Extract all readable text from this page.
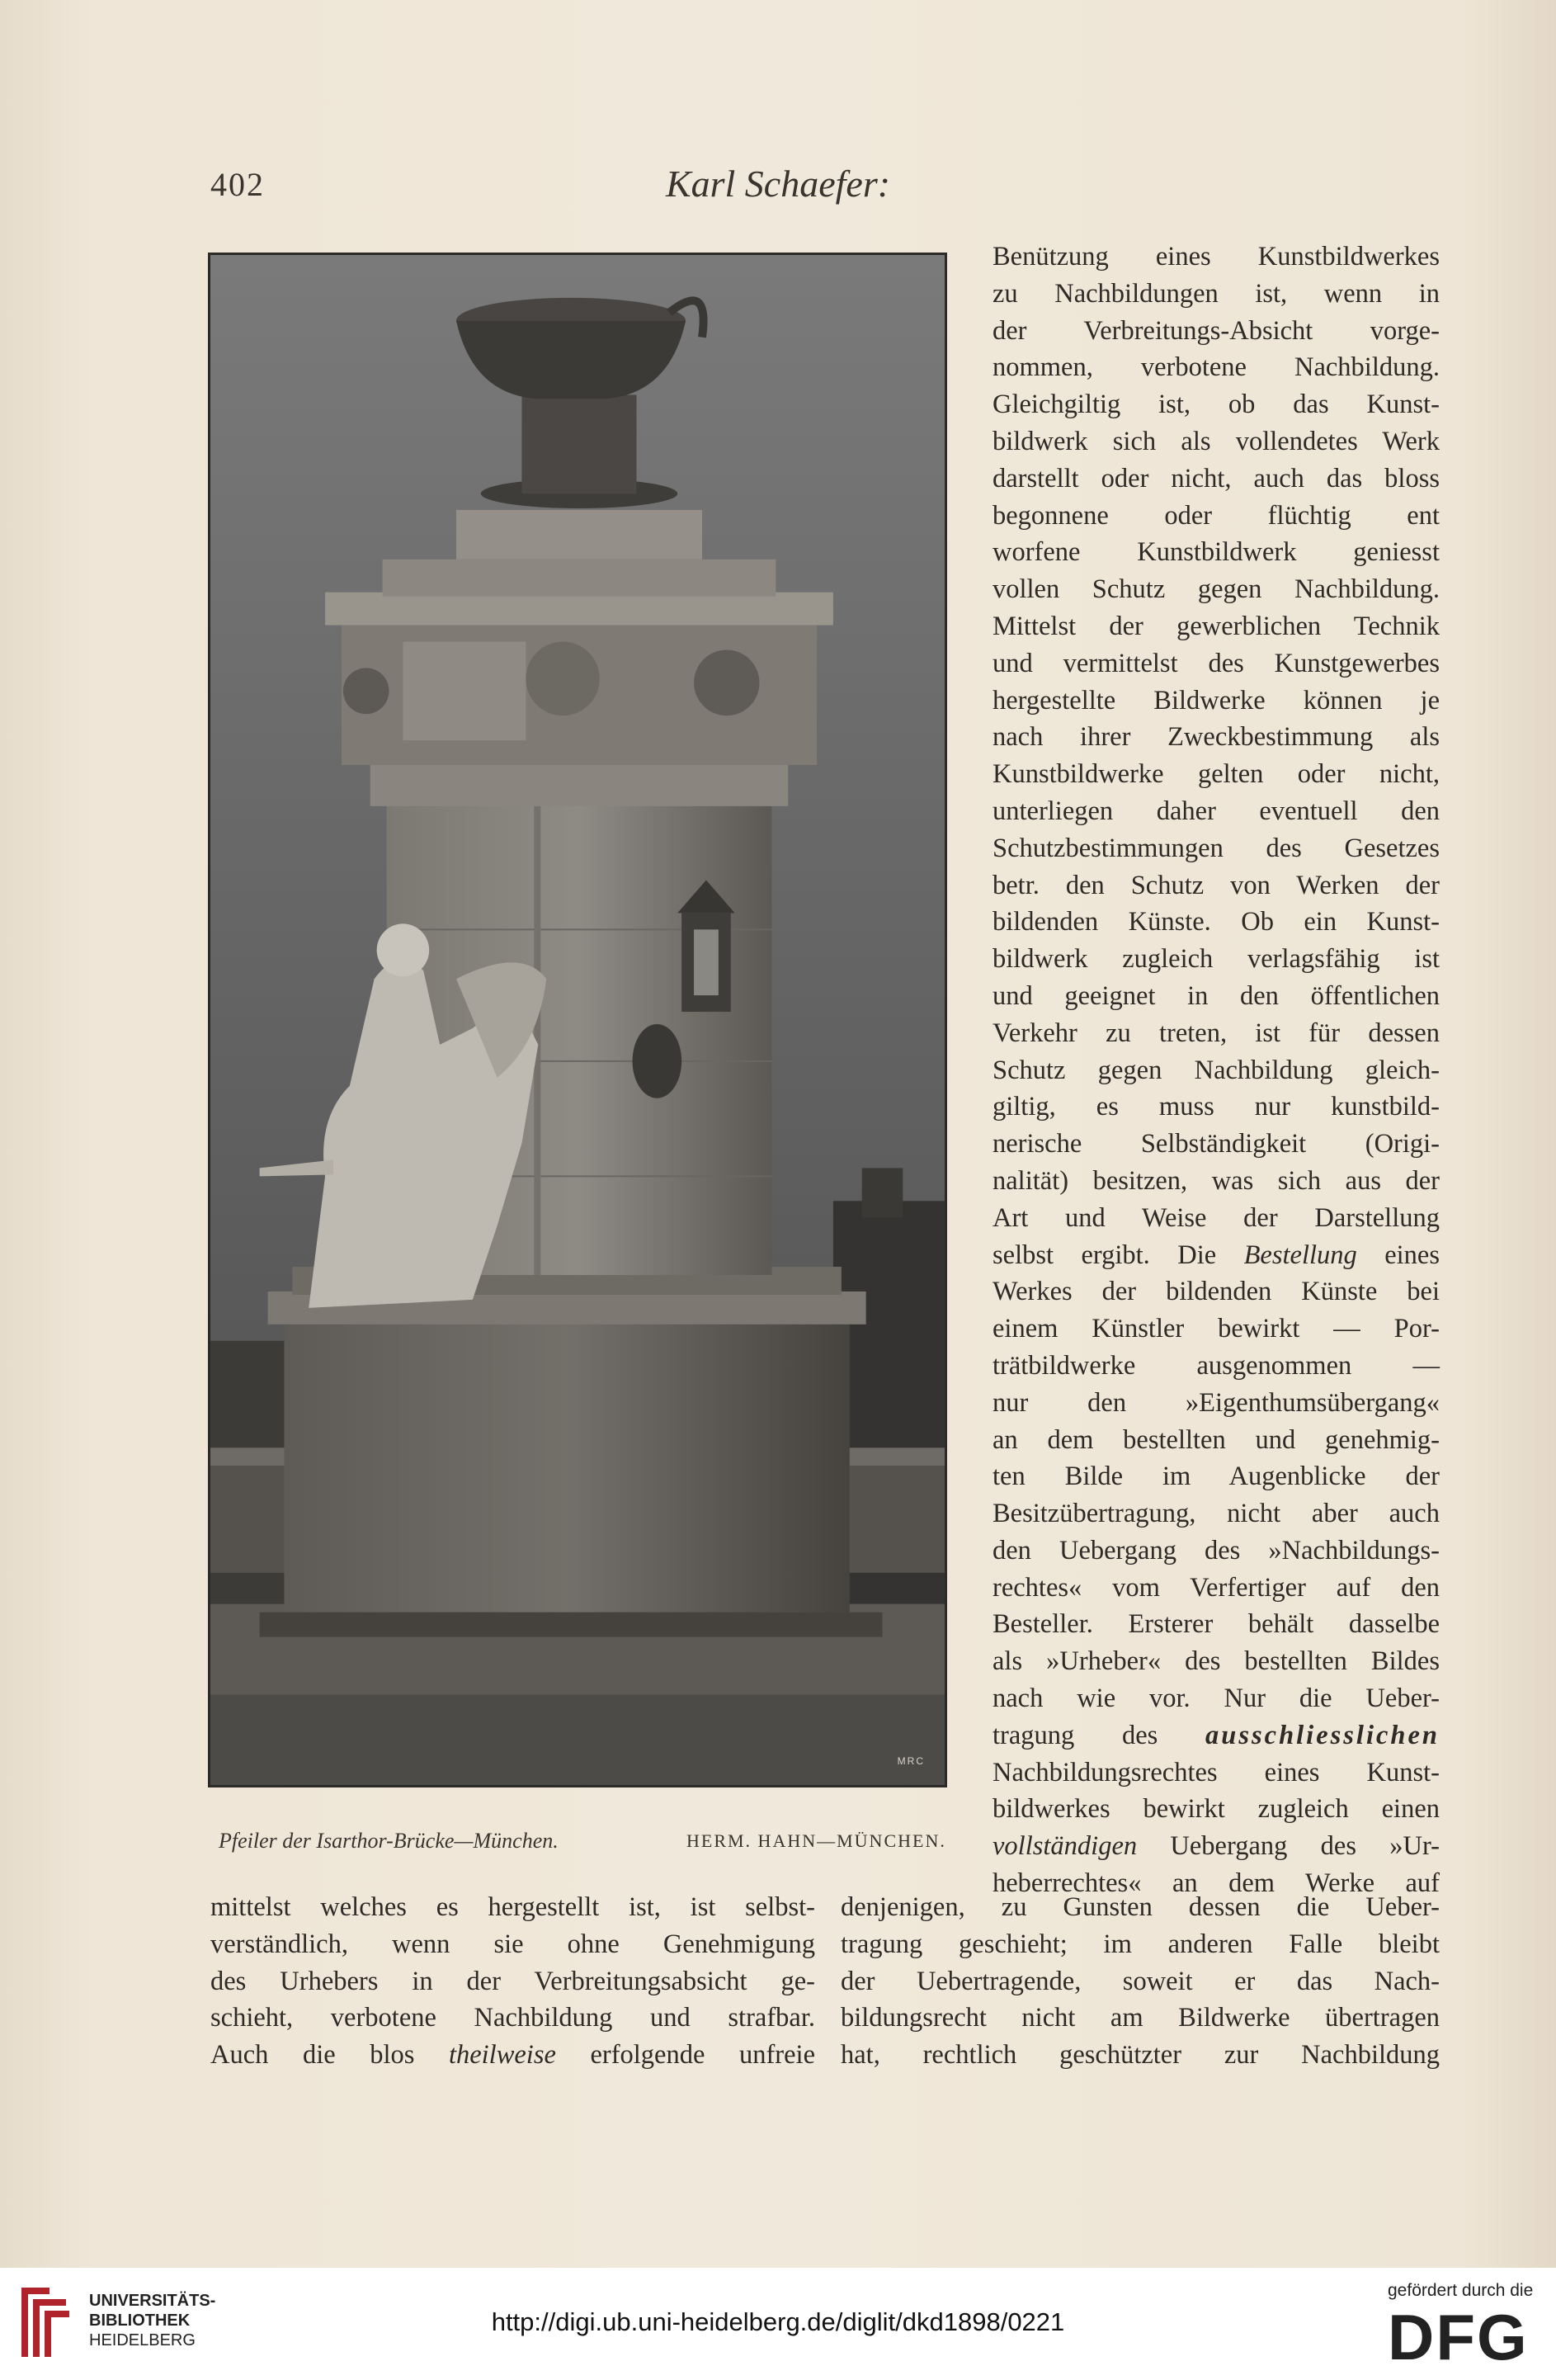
402	Karl Schaefer:
MRC
Pfeiler der Isarthor-Brücke—München.	HERM. HAHN—MÜNCHEN.
Benützung eines Kunstbildwerkes
zu Nachbildungen ist, wenn in
der Verbreitungs-Absicht vorge-
nommen, verbotene Nachbildung.
Gleichgiltig ist, ob das Kunst-
bildwerk sich als vollendetes Werk
darstellt oder nicht, auch das bloss
begonnene oder flüchtig ent
worfene Kunstbildwerk geniesst
vollen Schutz gegen Nachbildung.
Mittelst der gewerblichen Technik
und vermittelst des Kunstgewerbes
hergestellte Bildwerke können je
nach ihrer Zweckbestimmung als
Kunstbildwerke gelten oder nicht,
unterliegen daher eventuell den
Schutzbestimmungen des Gesetzes
betr. den Schutz von Werken der
bildenden Künste. Ob ein Kunst-
bildwerk zugleich verlagsfähig ist
und geeignet in den öffentlichen
Verkehr zu treten, ist für dessen
Schutz gegen Nachbildung gleich-
giltig, es muss nur kunstbild-
nerische Selbständigkeit (Origi-
nalität) besitzen, was sich aus der
Art und Weise der Darstellung
selbst ergibt. Die Bestellung eines
Werkes der bildenden Künste bei
einem Künstler bewirkt — Por-
trätbildwerke ausgenommen —
nur den »Eigenthumsübergang«
an dem bestellten und genehmig-
ten Bilde im Augenblicke der
Besitzübertragung, nicht aber auch
den Uebergang des »Nachbildungs-
rechtes« vom Verfertiger auf den
Besteller. Ersterer behält dasselbe
als »Urheber« des bestellten Bildes
nach wie vor. Nur die Ueber-
tragung des ausschliesslichen
Nachbildungsrechtes eines Kunst-
bildwerkes bewirkt zugleich einen
vollständigen Uebergang des »Ur-
heberrechtes« an dem Werke auf
mittelst welches es hergestellt ist, ist selbst-
verständlich, wenn sie ohne Genehmigung
des Urhebers in der Verbreitungsabsicht ge-
schieht, verbotene Nachbildung und strafbar.
Auch die blos theilweise erfolgende unfreie
denjenigen, zu Gunsten dessen die Ueber-
tragung geschieht; im anderen Falle bleibt
der Uebertragende, soweit er das Nach-
bildungsrecht nicht am Bildwerke übertragen
hat, rechtlich geschützter zur Nachbildung
UNIVERSITÄTS-
BIBLIOTHEK
HEIDELBERG
http://digi.ub.uni-heidelberg.de/diglit/dkd1898/0221
gefördert durch die
DFG
